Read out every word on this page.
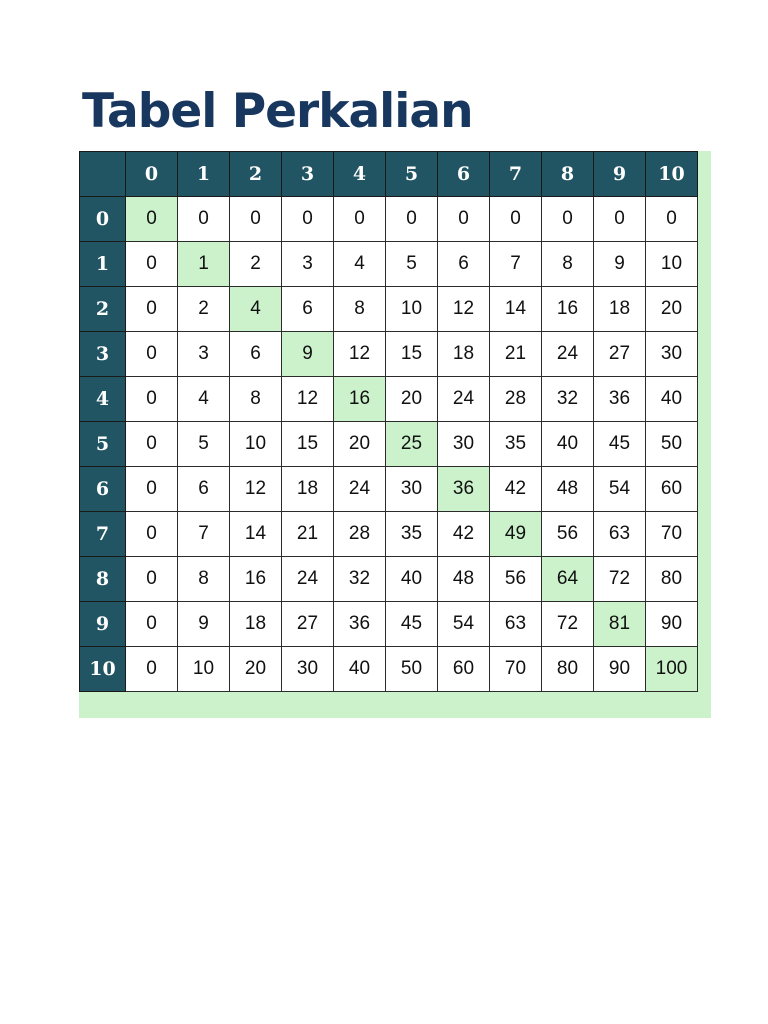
Tabel Perkalian
	0	1	2	3	4	5	6	7	8	9	10
0	0	0	0	0	0	0	0	0	0	0	0
1	0	1	2	3	4	5	6	7	8	9	10
2	0	2	4	6	8	10	12	14	16	18	20
3	0	3	6	9	12	15	18	21	24	27	30
4	0	4	8	12	16	20	24	28	32	36	40
5	0	5	10	15	20	25	30	35	40	45	50
6	0	6	12	18	24	30	36	42	48	54	60
7	0	7	14	21	28	35	42	49	56	63	70
8	0	8	16	24	32	40	48	56	64	72	80
9	0	9	18	27	36	45	54	63	72	81	90
10	0	10	20	30	40	50	60	70	80	90	100
